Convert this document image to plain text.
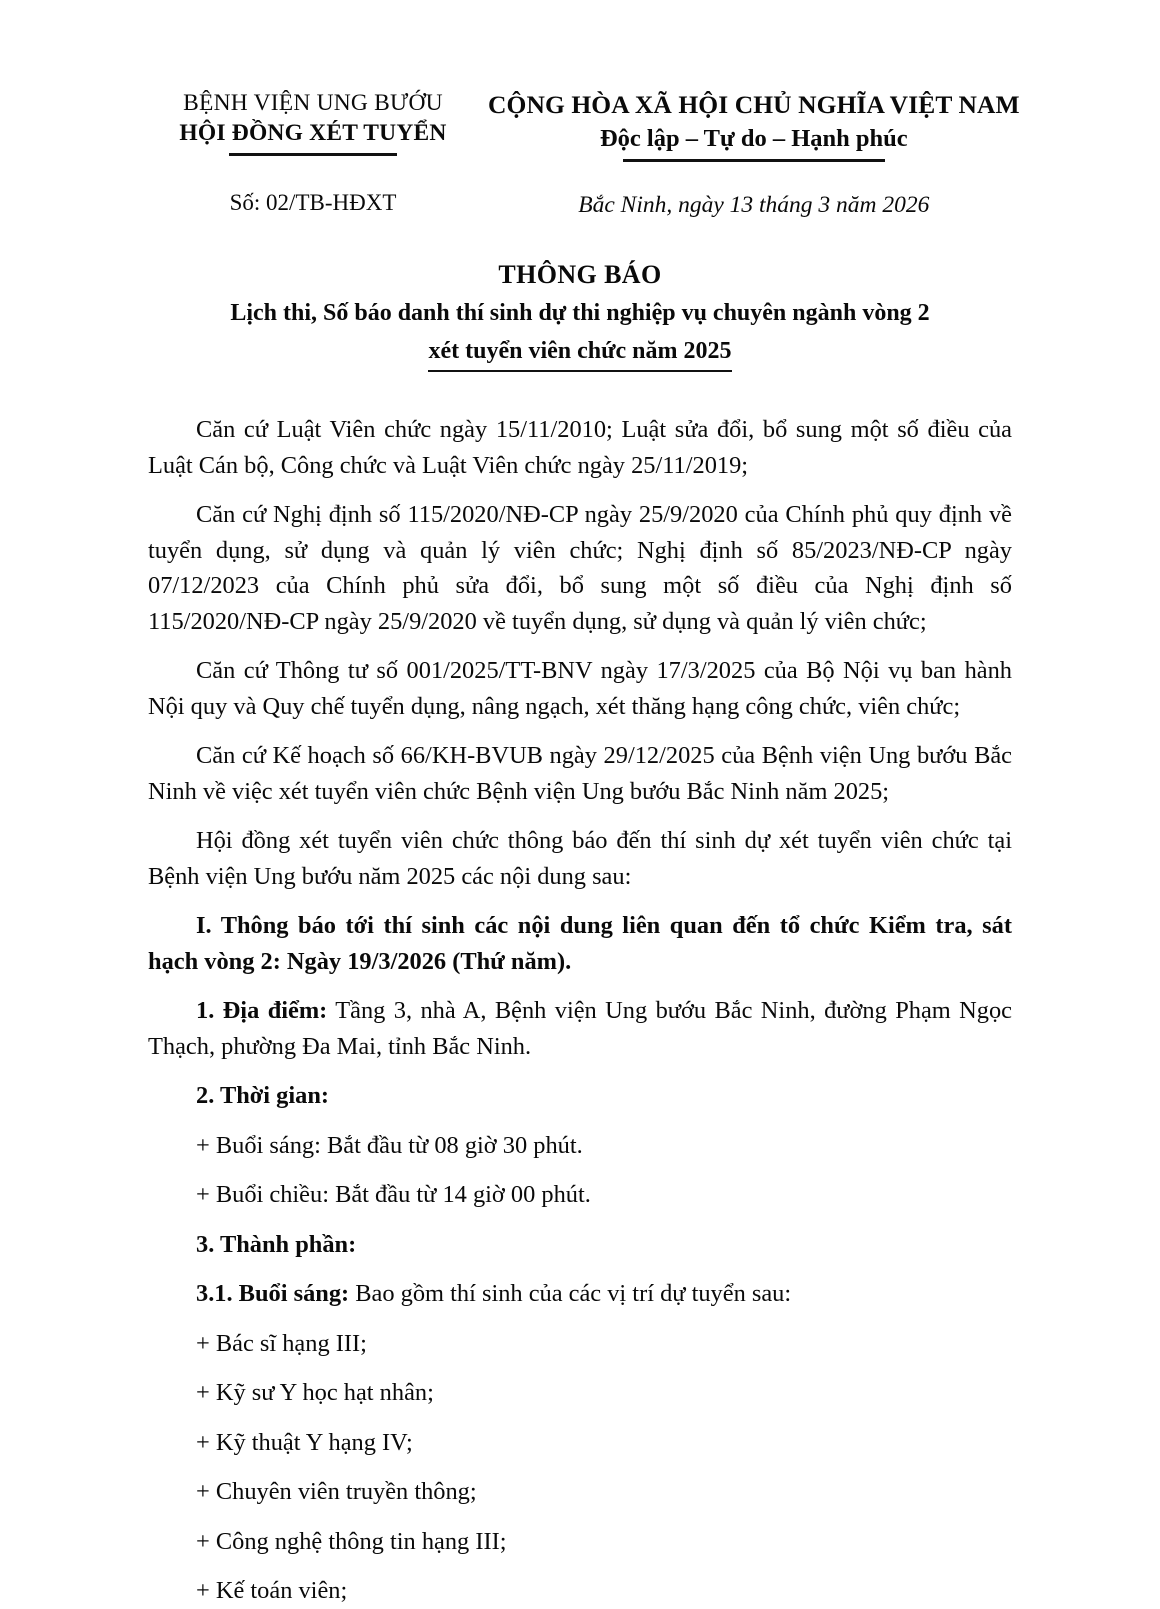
BỆNH VIỆN UNG BƯỚU
HỘI ĐỒNG XÉT TUYỂN
Số: 02/TB-HĐXT
CỘNG HÒA XÃ HỘI CHỦ NGHĨA VIỆT NAM
Độc lập – Tự do – Hạnh phúc
Bắc Ninh, ngày 13 tháng 3 năm 2026
THÔNG BÁO
Lịch thi, Số báo danh thí sinh dự thi nghiệp vụ chuyên ngành vòng 2
xét tuyển viên chức năm 2025

Căn cứ Luật Viên chức ngày 15/11/2010; Luật sửa đổi, bổ sung một số điều của Luật Cán bộ, Công chức và Luật Viên chức ngày 25/11/2019;

Căn cứ Nghị định số 115/2020/NĐ-CP ngày 25/9/2020 của Chính phủ quy định về tuyển dụng, sử dụng và quản lý viên chức; Nghị định số 85/2023/NĐ-CP ngày 07/12/2023 của Chính phủ sửa đổi, bổ sung một số điều của Nghị định số 115/2020/NĐ-CP ngày 25/9/2020 về tuyển dụng, sử dụng và quản lý viên chức;

Căn cứ Thông tư số 001/2025/TT-BNV ngày 17/3/2025 của Bộ Nội vụ ban hành Nội quy và Quy chế tuyển dụng, nâng ngạch, xét thăng hạng công chức, viên chức;

Căn cứ Kế hoạch số 66/KH-BVUB ngày 29/12/2025 của Bệnh viện Ung bướu Bắc Ninh về việc xét tuyển viên chức Bệnh viện Ung bướu Bắc Ninh năm 2025;

Hội đồng xét tuyển viên chức thông báo đến thí sinh dự xét tuyển viên chức tại Bệnh viện Ung bướu năm 2025 các nội dung sau:

I. Thông báo tới thí sinh các nội dung liên quan đến tổ chức Kiểm tra, sát hạch vòng 2: Ngày 19/3/2026 (Thứ năm).

1. Địa điểm: Tầng 3, nhà A, Bệnh viện Ung bướu Bắc Ninh, đường Phạm Ngọc Thạch, phường Đa Mai, tỉnh Bắc Ninh.

2. Thời gian:

+ Buổi sáng: Bắt đầu từ 08 giờ 30 phút.

+ Buổi chiều: Bắt đầu từ 14 giờ 00 phút.

3. Thành phần:

3.1. Buổi sáng: Bao gồm thí sinh của các vị trí dự tuyển sau:

+ Bác sĩ hạng III;

+ Kỹ sư Y học hạt nhân;

+ Kỹ thuật Y hạng IV;

+ Chuyên viên truyền thông;

+ Công nghệ thông tin hạng III;

+ Kế toán viên;
